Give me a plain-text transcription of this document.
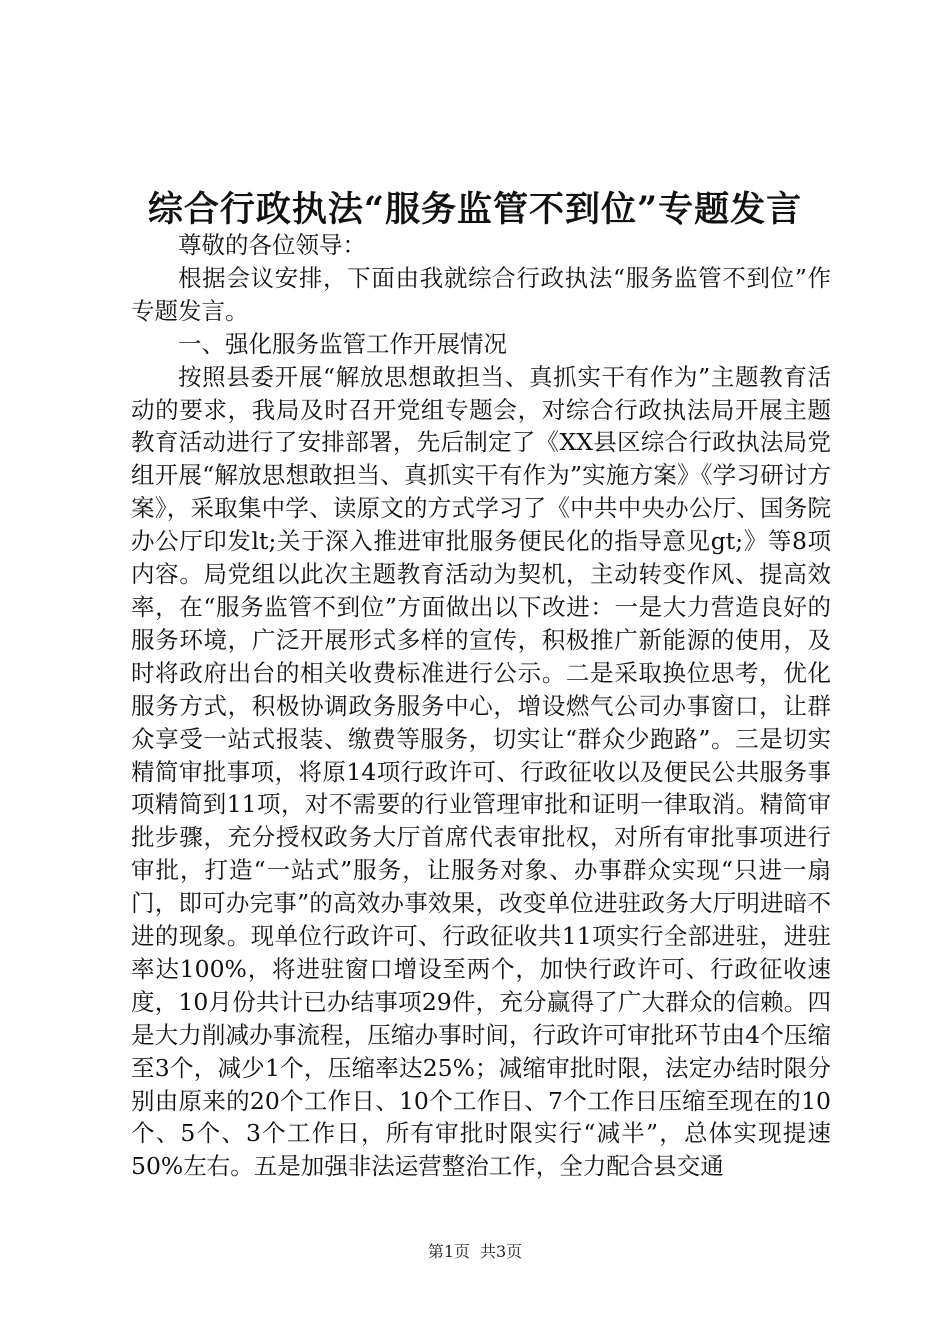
综合行政执法“服务监管不到位”专题发言

尊敬的各位领导：

根据会议安排，下面由我就综合行政执法“服务监管不到位”作专题发言。

一、强化服务监管工作开展情况

按照县委开展“解放思想敢担当、真抓实干有作为”主题教育活动的要求，我局及时召开党组专题会，对综合行政执法局开展主题教育活动进行了安排部署，先后制定了《XX县区综合行政执法局党组开展“解放思想敢担当、真抓实干有作为”实施方案》《学习研讨方案》，采取集中学、读原文的方式学习了《中共中央办公厅、国务院办公厅印发lt;关于深入推进审批服务便民化的指导意见gt;》等8项内容。局党组以此次主题教育活动为契机，主动转变作风、提高效率，在“服务监管不到位”方面做出以下改进：一是大力营造良好的服务环境，广泛开展形式多样的宣传，积极推广新能源的使用，及时将政府出台的相关收费标准进行公示。二是采取换位思考，优化服务方式，积极协调政务服务中心，增设燃气公司办事窗口，让群众享受一站式报装、缴费等服务，切实让“群众少跑路”。三是切实精简审批事项，将原14项行政许可、行政征收以及便民公共服务事项精简到11项，对不需要的行业管理审批和证明一律取消。精简审批步骤，充分授权政务大厅首席代表审批权，对所有审批事项进行审批，打造“一站式”服务，让服务对象、办事群众实现“只进一扇门，即可办完事”的高效办事效果，改变单位进驻政务大厅明进暗不进的现象。现单位行政许可、行政征收共11项实行全部进驻，进驻率达100%，将进驻窗口增设至两个，加快行政许可、行政征收速度，10月份共计已办结事项29件，充分赢得了广大群众的信赖。四是大力削减办事流程，压缩办事时间，行政许可审批环节由4个压缩至3个，减少1个，压缩率达25%；减缩审批时限，法定办结时限分别由原来的20个工作日、10个工作日、7个工作日压缩至现在的10个、5个、3个工作日，所有审批时限实行“减半”，总体实现提速50%左右。五是加强非法运营整治工作，全力配合县交通

第1页 共3页
